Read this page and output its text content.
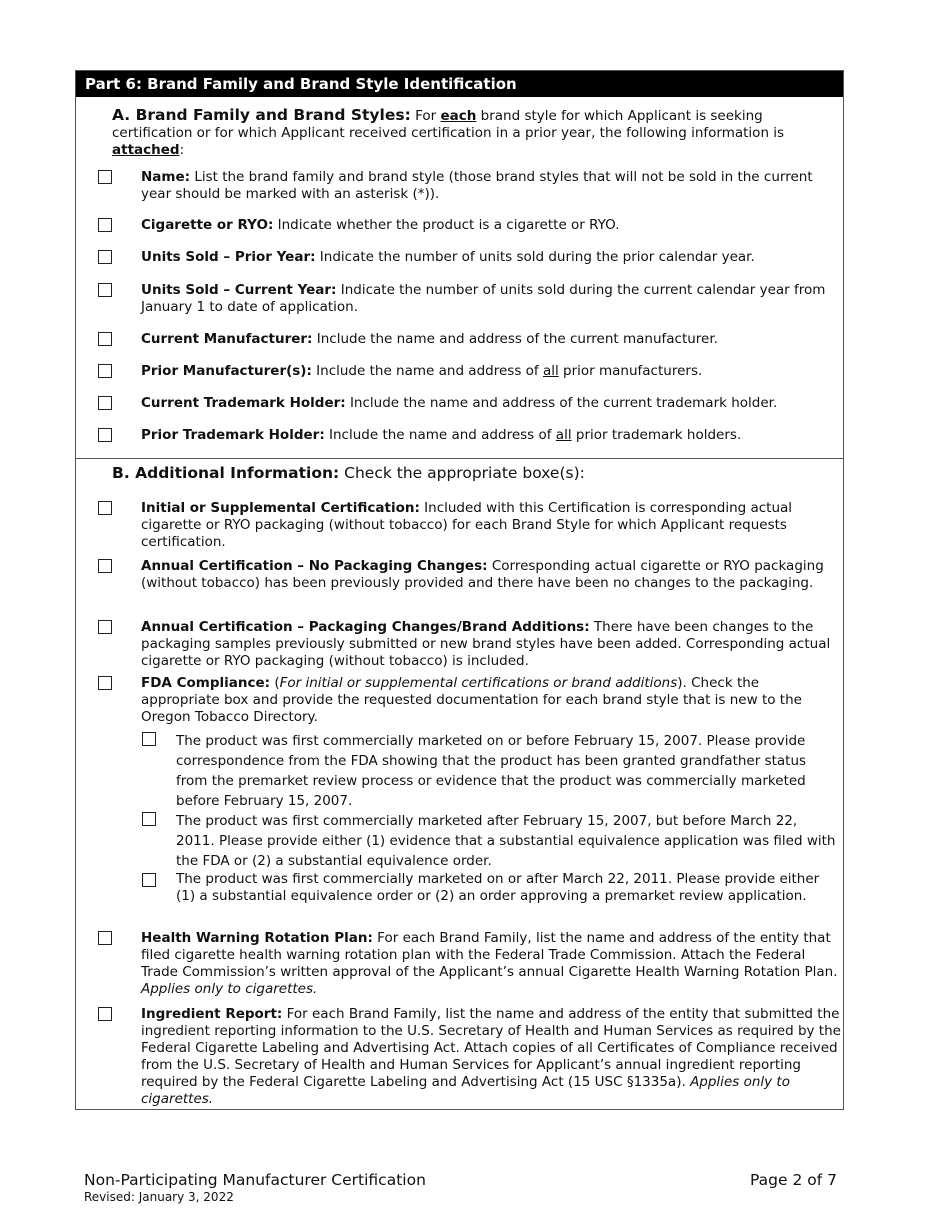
Part 6: Brand Family and Brand Style Identification
A. Brand Family and Brand Styles: For each brand style for which Applicant is seeking certification or for which Applicant received certification in a prior year, the following information is attached:
Name: List the brand family and brand style (those brand styles that will not be sold in the current year should be marked with an asterisk (*)).
Cigarette or RYO: Indicate whether the product is a cigarette or RYO.
Units Sold – Prior Year: Indicate the number of units sold during the prior calendar year.
Units Sold – Current Year: Indicate the number of units sold during the current calendar year from January 1 to date of application.
Current Manufacturer: Include the name and address of the current manufacturer.
Prior Manufacturer(s): Include the name and address of all prior manufacturers.
Current Trademark Holder: Include the name and address of the current trademark holder.
Prior Trademark Holder: Include the name and address of all prior trademark holders.
B. Additional Information: Check the appropriate boxe(s):
Initial or Supplemental Certification: Included with this Certification is corresponding actual cigarette or RYO packaging (without tobacco) for each Brand Style for which Applicant requests certification.
Annual Certification – No Packaging Changes: Corresponding actual cigarette or RYO packaging (without tobacco) has been previously provided and there have been no changes to the packaging.
Annual Certification – Packaging Changes/Brand Additions: There have been changes to the packaging samples previously submitted or new brand styles have been added. Corresponding actual cigarette or RYO packaging (without tobacco) is included.
FDA Compliance: (For initial or supplemental certifications or brand additions). Check the appropriate box and provide the requested documentation for each brand style that is new to the Oregon Tobacco Directory.
The product was first commercially marketed on or before February 15, 2007. Please provide correspondence from the FDA showing that the product has been granted grandfather status from the premarket review process or evidence that the product was commercially marketed before February 15, 2007.
The product was first commercially marketed after February 15, 2007, but before March 22, 2011. Please provide either (1) evidence that a substantial equivalence application was filed with the FDA or (2) a substantial equivalence order.
The product was first commercially marketed on or after March 22, 2011. Please provide either (1) a substantial equivalence order or (2) an order approving a premarket review application.
Health Warning Rotation Plan: For each Brand Family, list the name and address of the entity that filed cigarette health warning rotation plan with the Federal Trade Commission. Attach the Federal Trade Commission’s written approval of the Applicant’s annual Cigarette Health Warning Rotation Plan. Applies only to cigarettes.
Ingredient Report: For each Brand Family, list the name and address of the entity that submitted the ingredient reporting information to the U.S. Secretary of Health and Human Services as required by the Federal Cigarette Labeling and Advertising Act. Attach copies of all Certificates of Compliance received from the U.S. Secretary of Health and Human Services for Applicant’s annual ingredient reporting required by the Federal Cigarette Labeling and Advertising Act (15 USC §1335a). Applies only to cigarettes.
Non-Participating Manufacturer Certification
Revised: January 3, 2022
Page 2 of 7
